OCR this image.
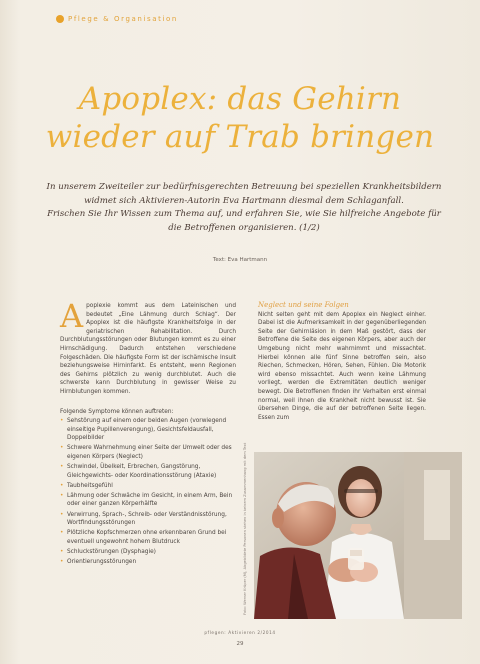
Pflege & Organisation
Apoplex: das Gehirn
wieder auf Trab bringen
In unserem Zweiteiler zur bedürfnisgerechten Betreuung bei speziellen Krankheitsbildern
widmet sich Aktivieren-Autorin Eva Hartmann diesmal dem Schlaganfall.
Frischen Sie Ihr Wissen zum Thema auf, und erfahren Sie, wie Sie hilfreiche Angebote für
die Betroffenen organisieren. (1/2)
Text: Eva Hartmann
A poplexie kommt aus dem Lateinischen und bedeutet „Eine Lähmung durch Schlag“. Der Apoplex ist die häufigste Krankheitsfolge in der geriatrischen Rehabilitation. Durch Durchblutungsstörungen oder Blutungen kommt es zu einer Hirnschädigung. Dadurch entstehen verschiedene Folgeschäden. Die häufigste Form ist der ischämische Insult beziehungsweise Hirninfarkt. Es entsteht, wenn Regionen des Gehirns plötzlich zu wenig durchblutet. Auch die schwerste kann Durchblutung in gewisser Weise zu Hirnblutungen kommen.

Folgende Symptome können auftreten:

• Sehstörung auf einem oder beiden Augen (vorwiegend einseitige Pupillenverengung), Gesichtsfeldausfall, Doppelbilder
• Schwere Wahrnehmung einer Seite der Umwelt oder des eigenen Körpers (Neglect)
• Schwindel, Übelkeit, Erbrechen, Gangstörung, Gleichgewichts- oder Koordinationsstörung (Ataxie)
• Taubheitsgefühl
• Lähmung oder Schwäche im Gesicht, in einem Arm, Bein oder einer ganzen Körperhälfte
• Verwirrung, Sprach-, Schreib- oder Verständnisstörung, Wortfindungsstörungen
• Plötzliche Kopfschmerzen ohne erkennbaren Grund bei eventuell ungewohnt hohem Blutdruck
• Schluckstörungen (Dysphagie)
• Orientierungsstörungen
Neglect und seine Folgen

Nicht selten geht mit dem Apoplex ein Neglect einher. Dabei ist die Aufmerksamkeit in der gegenüberliegenden Seite der Gehirnläsion in dem Maß gestört, dass der Betroffene die Seite des eigenen Körpers, aber auch der Umgebung nicht mehr wahrnimmt und missachtet. Hierbei können alle fünf Sinne betroffen sein, also Riechen, Schmecken, Hören, Sehen, Fühlen. Die Motorik wird ebenso missachtet. Auch wenn keine Lähmung vorliegt, werden die Extremitäten deutlich weniger bewegt. Die Betroffenen finden ihr Verhalten erst einmal normal, weil ihnen die Krankheit nicht bewusst ist. Sie übersehen Dinge, die auf der betroffenen Seite liegen. Essen zum

Foto: Werner Krüper (M), Abgebildete Personen stehen in keinem Zusammenhang mit dem Text
pflegen: Aktivieren 2/2014
29
